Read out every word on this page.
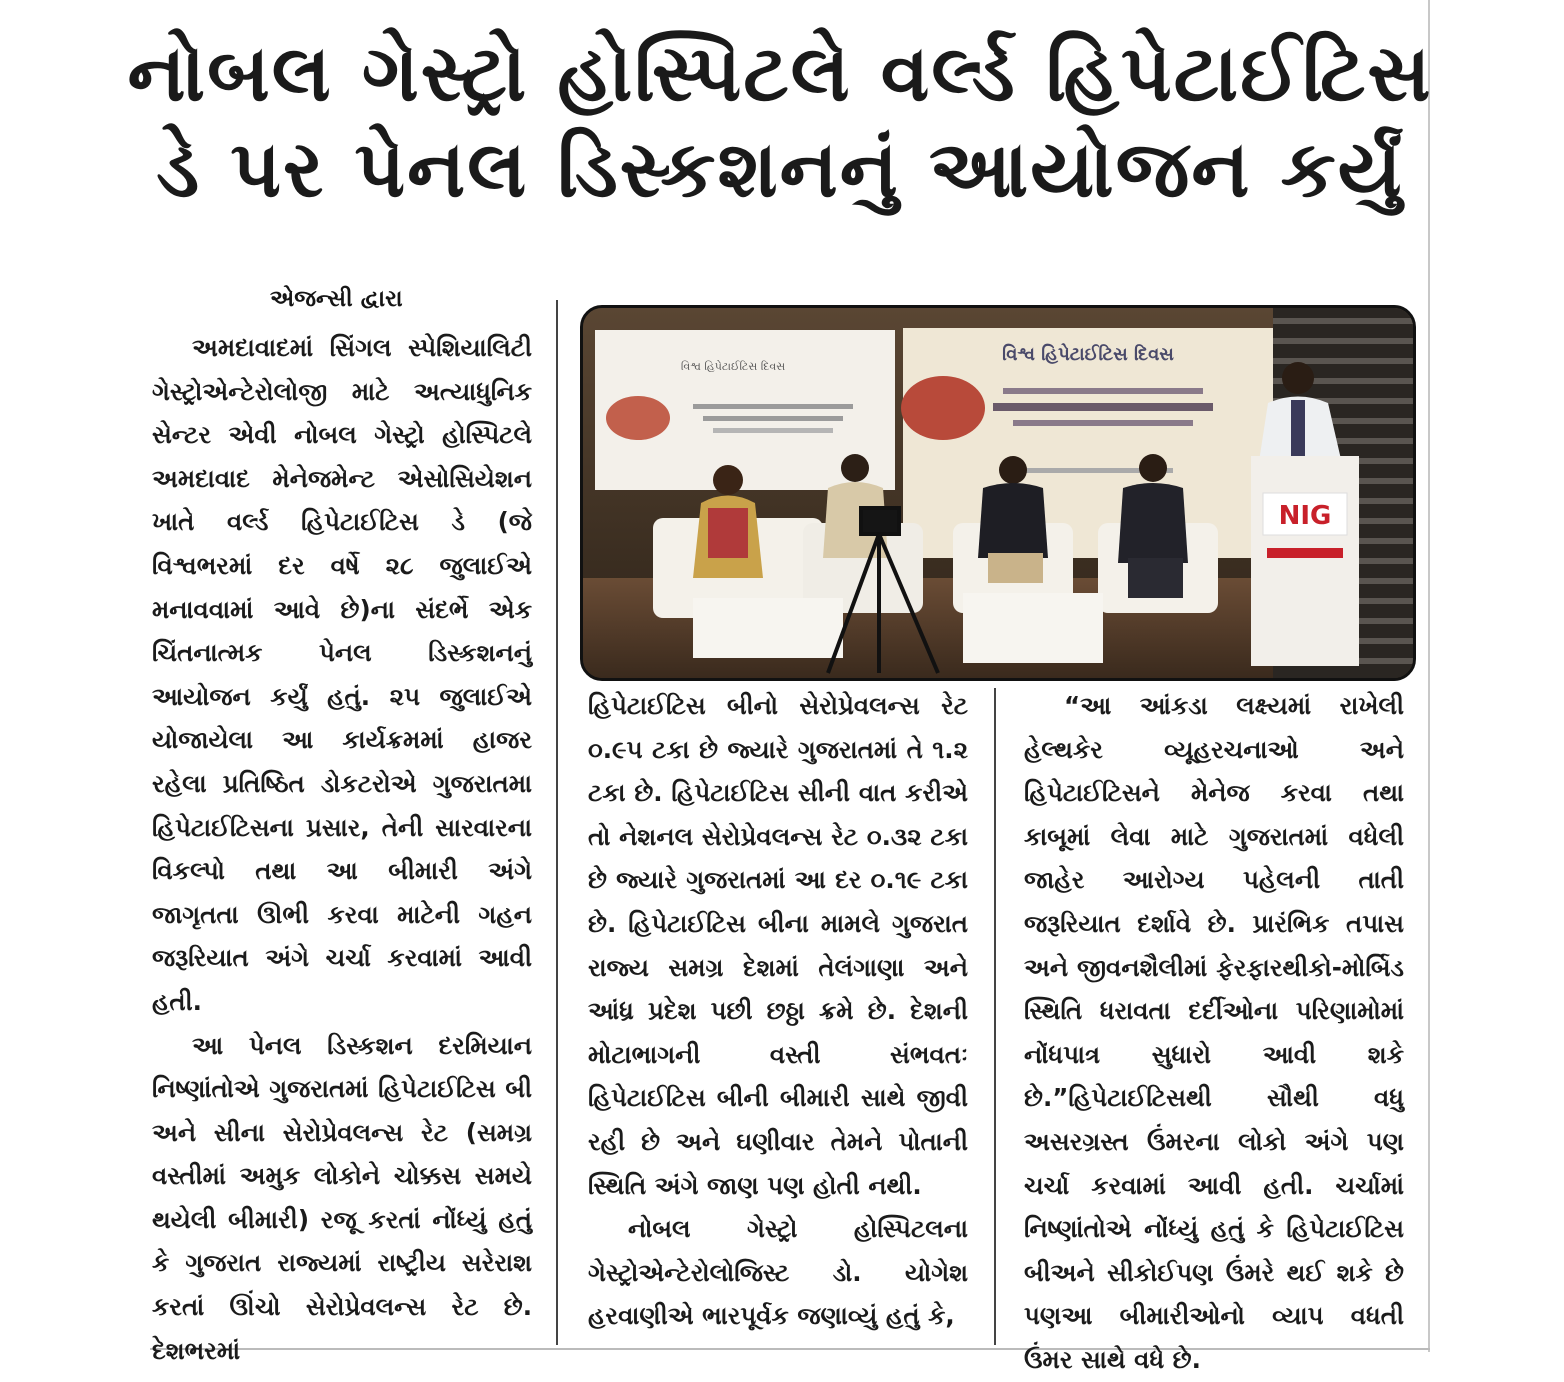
નોબલ ગેસ્ટ્રો હોસ્પિટલે વર્લ્ડ હિપેટાઈટિસ
ડે પર પેનલ ડિસ્કશનનું આયોજન કર્યું
એજન્સી દ્વારા

અમદાવાદમાં સિંગલ સ્પેશિયાલિટી ગેસ્ટ્રોએન્ટેરોલોજી માટે અત્યાધુનિક સેન્ટર એવી નોબલ ગેસ્ટ્રો હોસ્પિટલે અમદાવાદ મેનેજમેન્ટ એસોસિયેશન ખાતે વર્લ્ડ હિપેટાઈટિસ ડે (જે વિશ્વભરમાં દર વર્ષે ૨૮ જુલાઈએ મનાવવામાં આવે છે)ના સંદર્ભે એક ચિંતનાત્મક પેનલ ડિસ્કશનનું આયોજન કર્યું હતું. ૨૫ જુલાઈએ યોજાયેલા આ કાર્યક્રમમાં હાજર રહેલા પ્રતિષ્ઠિત ડોકટરોએ ગુજરાતમા હિપેટાઈટિસના પ્રસાર, તેની સારવારના વિકલ્પો તથા આ બીમારી અંગે જાગૃતતા ઊભી કરવા માટેની ગહન જરૂરિયાત અંગે ચર્ચા કરવામાં આવી હતી.

આ પેનલ ડિસ્કશન દરમિયાન નિષ્ણાંતોએ ગુજરાતમાં હિપેટાઈટિસ બી અને સીના સેરોપ્રેવલન્સ રેટ (સમગ્ર વસ્તીમાં અમુક લોકોને ચોક્કસ સમયે થયેલી બીમારી) રજૂ કરતાં નોંધ્યું હતું કે ગુજરાત રાજ્યમાં રાષ્ટ્રીય સરેરાશ કરતાં ઊંચો સેરોપ્રેવલન્સ રેટ છે. દેશભરમાં

વિશ્વ હિપેટાઈટિસ દિવસ
વિશ્વ હિપેટાઈટિસ દિવસ
NIG

હિપેટાઈટિસ બીનો સેરોપ્રેવલન્સ રેટ ૦.૯૫ ટકા છે જ્યારે ગુજરાતમાં તે ૧.૨ ટકા છે. હિપેટાઈટિસ સીની વાત કરીએ તો નેશનલ સેરોપ્રેવલન્સ રેટ ૦.૩૨ ટકા છે જ્યારે ગુજરાતમાં આ દર ૦.૧૯ ટકા છે. હિપેટાઈટિસ બીના મામલે ગુજરાત રાજ્ય સમગ્ર દેશમાં તેલંગાણા અને આંધ્ર પ્રદેશ પછી છઠ્ઠા ક્રમે છે. દેશની મોટાભાગની વસ્તી સંભવતઃ હિપેટાઈટિસ બીની બીમારી સાથે જીવી રહી છે અને ઘણીવાર તેમને પોતાની સ્થિતિ અંગે જાણ પણ હોતી નથી.

નોબલ ગેસ્ટ્રો હોસ્પિટલના ગેસ્ટ્રોએન્ટેરોલોજિસ્ટ ડો. યોગેશ હરવાણીએ ભારપૂર્વક જણાવ્યું હતું કે,

“આ આંકડા લક્ષ્યમાં રાખેલી હેલ્થકેર વ્યૂહરચનાઓ અને હિપેટાઈટિસને મેનેજ કરવા તથા કાબૂમાં લેવા માટે ગુજરાતમાં વધેલી જાહેર આરોગ્ય પહેલની તાતી જરૂરિયાત દર્શાવે છે. પ્રારંભિક તપાસ અને જીવનશૈલીમાં ફેરફારથીકો-મોર્બિડ સ્થિતિ ધરાવતા દર્દીઓના પરિણામોમાં નોંધપાત્ર સુધારો આવી શકે છે.”હિપેટાઈટિસથી સૌથી વધુ અસરગ્રસ્ત ઉંમરના લોકો અંગે પણ ચર્ચા કરવામાં આવી હતી. ચર્ચામાં નિષ્ણાંતોએ નોંધ્યું હતું કે હિપેટાઈટિસ બીઅને સીકોઈપણ ઉંમરે થઈ શકે છે પણઆ બીમારીઓનો વ્યાપ વધતી ઉંમર સાથે વધે છે.
